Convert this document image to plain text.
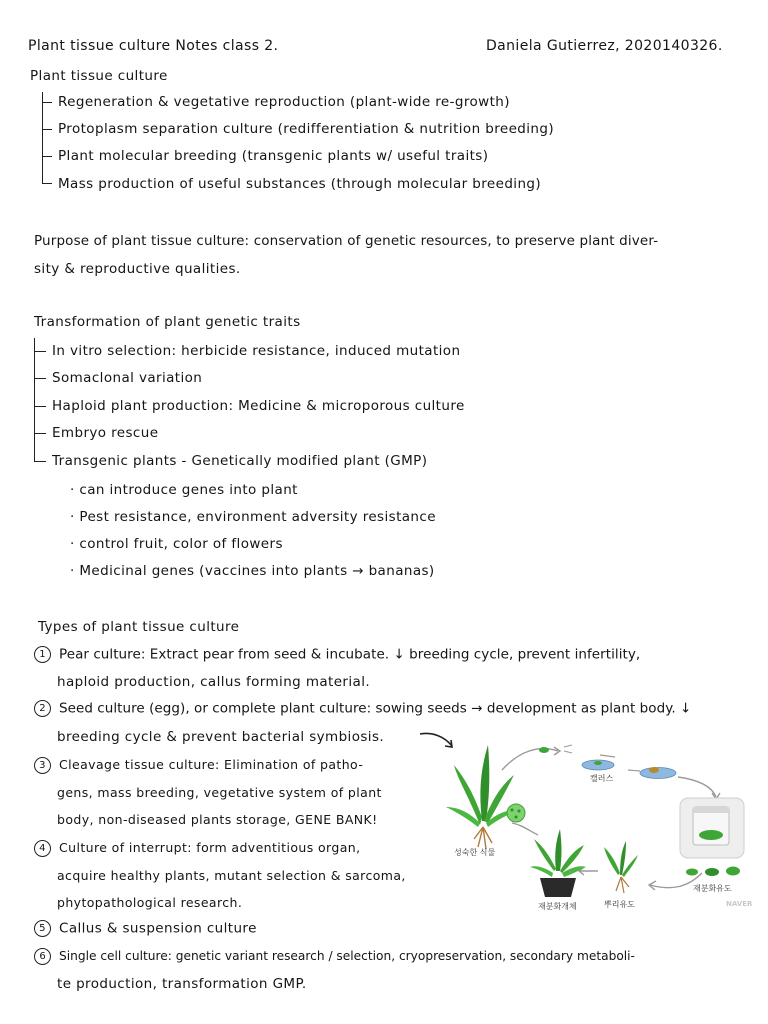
Plant tissue culture Notes class 2.	Daniela Gutierrez, 2020140326.
Plant tissue culture
Regeneration & vegetative reproduction (plant-wide re-growth)
Protoplasm separation culture (redifferentiation & nutrition breeding)
Plant molecular breeding (transgenic plants w/ useful traits)
Mass production of useful substances (through molecular breeding)
Purpose of plant tissue culture: conservation of genetic resources, to preserve plant diver-
sity & reproductive qualities.
Transformation of plant genetic traits
In vitro selection: herbicide resistance, induced mutation
Somaclonal variation
Haploid plant production: Medicine & microporous culture
Embryo rescue
Transgenic plants - Genetically modified plant (GMP)
· can introduce genes into plant
· Pest resistance, environment adversity resistance
· control fruit, color of flowers
· Medicinal genes (vaccines into plants → bananas)
Types of plant tissue culture
1 Pear culture: Extract pear from seed & incubate. ↓ breeding cycle, prevent infertility,
haploid production, callus forming material.
2 Seed culture (egg), or complete plant culture: sowing seeds → development as plant body. ↓
breeding cycle & prevent bacterial symbiosis.
3 Cleavage tissue culture: Elimination of patho-
gens, mass breeding, vegetative system of plant
body, non-diseased plants storage, GENE BANK!
4 Culture of interrupt: form adventitious organ,
acquire healthy plants, mutant selection & sarcoma,
phytopathological research.
5 Callus & suspension culture
6 Single cell culture: genetic variant research / selection, cryopreservation, secondary metaboli-
te production, transformation GMP.
성숙한 식물
캘러스
재분화유도
뿌리유도
재분화개체	NAVER
